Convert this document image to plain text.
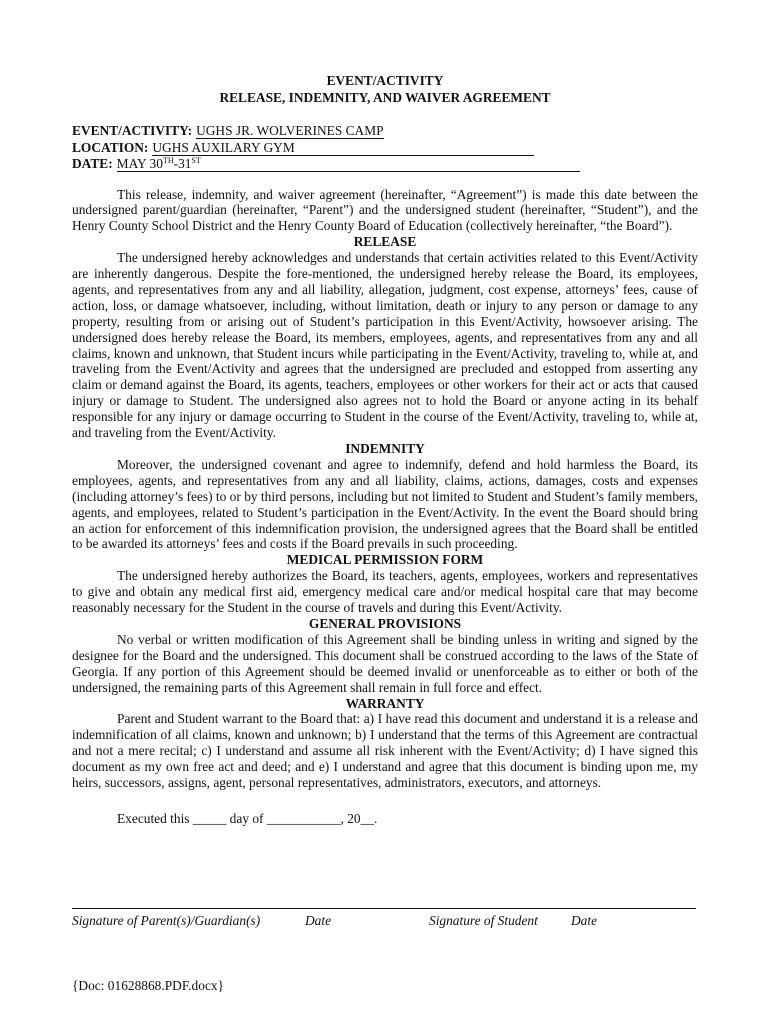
EVENT/ACTIVITY
RELEASE, INDEMNITY, AND WAIVER AGREEMENT
EVENT/ACTIVITY: UGHS JR. WOLVERINES CAMP
LOCATION: UGHS AUXILARY GYM
DATE: MAY 30TH-31ST

This release, indemnity, and waiver agreement (hereinafter, “Agreement”) is made this date between the undersigned parent/guardian (hereinafter, “Parent”) and the undersigned student (hereinafter, “Student”), and the Henry County School District and the Henry County Board of Education (collectively hereinafter, “the Board”).

RELEASE

The undersigned hereby acknowledges and understands that certain activities related to this Event/Activity are inherently dangerous. Despite the fore-mentioned, the undersigned hereby release the Board, its employees, agents, and representatives from any and all liability, allegation, judgment, cost expense, attorneys’ fees, cause of action, loss, or damage whatsoever, including, without limitation, death or injury to any person or damage to any property, resulting from or arising out of Student’s participation in this Event/Activity, howsoever arising. The undersigned does hereby release the Board, its members, employees, agents, and representatives from any and all claims, known and unknown, that Student incurs while participating in the Event/Activity, traveling to, while at, and traveling from the Event/Activity and agrees that the undersigned are precluded and estopped from asserting any claim or demand against the Board, its agents, teachers, employees or other workers for their act or acts that caused injury or damage to Student. The undersigned also agrees not to hold the Board or anyone acting in its behalf responsible for any injury or damage occurring to Student in the course of the Event/Activity, traveling to, while at, and traveling from the Event/Activity.

INDEMNITY

Moreover, the undersigned covenant and agree to indemnify, defend and hold harmless the Board, its employees, agents, and representatives from any and all liability, claims, actions, damages, costs and expenses (including attorney’s fees) to or by third persons, including but not limited to Student and Student’s family members, agents, and employees, related to Student’s participation in the Event/Activity. In the event the Board should bring an action for enforcement of this indemnification provision, the undersigned agrees that the Board shall be entitled to be awarded its attorneys’ fees and costs if the Board prevails in such proceeding.

MEDICAL PERMISSION FORM

The undersigned hereby authorizes the Board, its teachers, agents, employees, workers and representatives to give and obtain any medical first aid, emergency medical care and/or medical hospital care that may become reasonably necessary for the Student in the course of travels and during this Event/Activity.

GENERAL PROVISIONS

No verbal or written modification of this Agreement shall be binding unless in writing and signed by the designee for the Board and the undersigned. This document shall be construed according to the laws of the State of Georgia. If any portion of this Agreement should be deemed invalid or unenforceable as to either or both of the undersigned, the remaining parts of this Agreement shall remain in full force and effect.

WARRANTY

Parent and Student warrant to the Board that: a) I have read this document and understand it is a release and indemnification of all claims, known and unknown; b) I understand that the terms of this Agreement are contractual and not a mere recital; c) I understand and assume all risk inherent with the Event/Activity; d) I have signed this document as my own free act and deed; and e) I understand and agree that this document is binding upon me, my heirs, successors, assigns, agent, personal representatives, administrators, executors, and attorneys.

Executed this _____ day of ___________, 20__.
Signature of Parent(s)/Guardian(s)	Date	Signature of Student Date
{Doc: 01628868.PDF.docx}
